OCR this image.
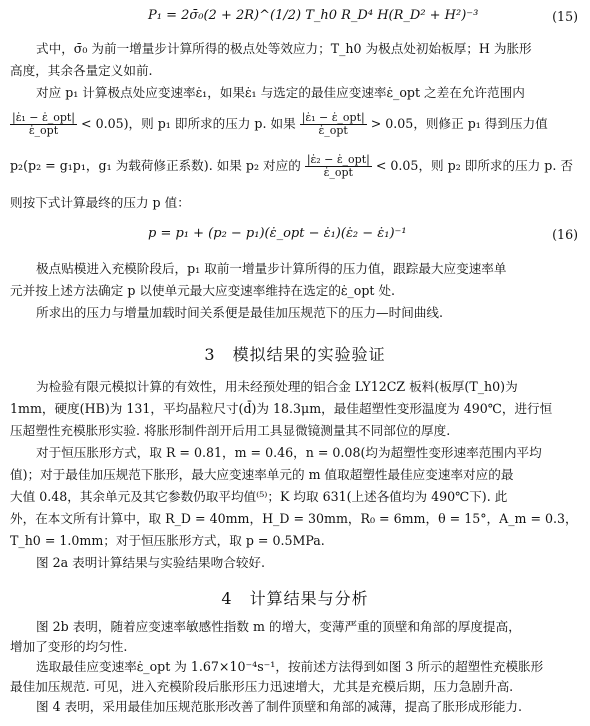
P₁ = 2σ̄₀(2 + 2R)^(1/2) T_h0 R_D⁴ H(R_D² + H²)⁻³	(15)
式中，σ̄₀ 为前一增量步计算所得的极点处等效应力；T_h0 为极点处初始板厚；H 为胀形
高度，其余各量定义如前.
对应 p₁ 计算极点处应变速率ε̇₁，如果ε̇₁ 与选定的最佳应变速率ε̇_opt 之差在允许范围内
$\frac{\text{|ε̇₁ − ε̇\_opt|}}{\text{ε̇\_opt}} < 0.05$)，则 p₁ 即所求的压力 p. 如果 $\frac{\text{|ε̇₁ − ε̇\_opt|}}{\text{ε̇\_opt}} > 0.05$，则修正 p₁ 得到压力值
p₂(p₂ = g₁p₁，g₁ 为载荷修正系数). 如果 p₂ 对应的 $\frac{\text{|ε̇₂ − ε̇\_opt|}}{\text{ε̇\_opt}} < 0.05$，则 p₂ 即所求的压力 p. 否
则按下式计算最终的压力 p 值：
p = p₁ + (p₂ − p₁)(ε̇_opt − ε̇₁)(ε̇₂ − ε̇₁)⁻¹	(16)
极点贴模进入充模阶段后，p₁ 取前一增量步计算所得的压力值，跟踪最大应变速率单
元并按上述方法确定 p 以使单元最大应变速率维持在选定的ε̇_opt 处.
所求出的压力与增量加载时间关系便是最佳加压规范下的压力—时间曲线.
3　模拟结果的实验验证
为检验有限元模拟计算的有效性，用未经预处理的铝合金 LY12CZ 板料(板厚(T_h0)为
1mm，硬度(HB)为 131，平均晶粒尺寸(d̄)为 18.3μm，最佳超塑性变形温度为 490℃，进行恒
压超塑性充模胀形实验. 将胀形制件剖开后用工具显微镜测量其不同部位的厚度.
对于恒压胀形方式，取 R = 0.81，m = 0.46，n = 0.08(均为超塑性变形速率范围内平均
值)；对于最佳加压规范下胀形，最大应变速率单元的 m 值取超塑性最佳应变速率对应的最
大值 0.48，其余单元及其它参数仍取平均值⁽⁵⁾；K 均取 631(上述各值均为 490℃下). 此
外，在本文所有计算中，取 R_D = 40mm，H_D = 30mm，R₀ = 6mm，θ = 15°，A_m = 0.3，
T_h0 = 1.0mm；对于恒压胀形方式，取 p = 0.5MPa.
图 2a 表明计算结果与实验结果吻合较好.
4　计算结果与分析
图 2b 表明，随着应变速率敏感性指数 m 的增大，变薄严重的顶壁和角部的厚度提高，
增加了变形的均匀性.
选取最佳应变速率ε̇_opt 为 1.67×10⁻⁴s⁻¹，按前述方法得到如图 3 所示的超塑性充模胀形
最佳加压规范. 可见，进入充模阶段后胀形压力迅速增大，尤其是充模后期，压力急剧升高.
图 4 表明，采用最佳加压规范胀形改善了制件顶壁和角部的减薄，提高了胀形成形能力.
